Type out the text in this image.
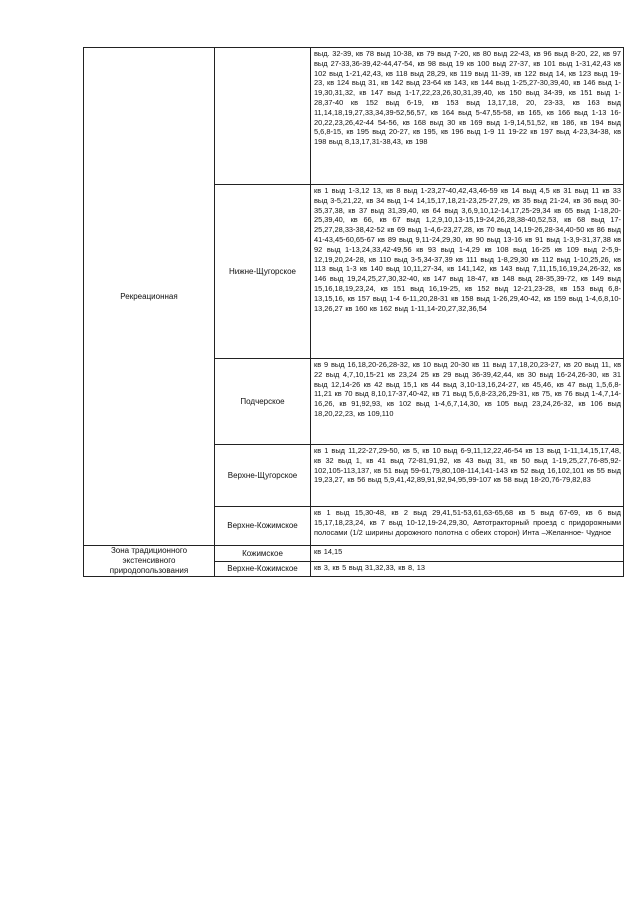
Рекреационная		выд. 32-39, кв 78 выд 10-38, кв 79 выд 7-20, кв 80 выд 22-43, кв 96 выд 8-20, 22, кв 97 выд 27-33,36-39,42-44,47-54, кв 98 выд 19 кв 100 выд 27-37, кв 101 выд 1-31,42,43 кв 102 выд 1-21,42,43, кв 118 выд 28,29, кв 119 выд 11-39, кв 122 выд 14, кв 123 выд 19-23, кв 124 выд 31, кв 142 выд 23-64 кв 143, кв 144 выд 1-25,27-30,39,40, кв 146 выд 1-19,30,31,32, кв 147 выд 1-17,22,23,26,30,31,39,40, кв 150 выд 34-39, кв 151 выд 1-28,37-40 кв 152 выд 6-19, кв 153 выд 13,17,18, 20, 23-33, кв 163 выд 11,14,18,19,27,33,34,39-52,56,57, кв 164 выд 5-47,55-58, кв 165, кв 166 выд 1-13 16-20,22,23,26,42-44 54-56, кв 168 выд 30 кв 169 выд 1-9,14,51,52, кв 186, кв 194 выд 5,6,8-15, кв 195 выд 20-27, кв 195, кв 196 выд 1-9 11 19-22 кв 197 выд 4-23,34-38, кв 198 выд 8,13,17,31-38,43, кв 198
	Нижне-Щугорское	кв 1 выд 1-3,12 13, кв 8 выд 1-23,27-40,42,43,46-59 кв 14 выд 4,5 кв 31 выд 11 кв 33 выд 3-5,21,22, кв 34 выд 1-4 14,15,17,18,21-23,25-27,29, кв 35 выд 21-24, кв 36 выд 30-35,37,38, кв 37 выд 31,39,40, кв 64 выд 3,6,9,10,12-14,17,25-29,34 кв 65 выд 1-18,20-25,39,40, кв 66, кв 67 выд 1,2,9,10,13-15,19-24,26,28,38-40,52,53, кв 68 выд 17-25,27,28,33-38,42-52 кв 69 выд 1-4,6-23,27,28, кв 70 выд 14,19-26,28-34,40-50 кв 86 выд 41-43,45-60,65-67 кв 89 выд 9,11-24,29,30, кв 90 выд 13-16 кв 91 выд 1-3,9-31,37,38 кв 92 выд 1-13,24,33,42-49,56 кв 93 выд 1-4,29 кв 108 выд 16-25 кв 109 выд 2-5,9-12,19,20,24-28, кв 110 выд 3-5,34-37,39 кв 111 выд 1-8,29,30 кв 112 выд 1-10,25,26, кв 113 выд 1-3 кв 140 выд 10,11,27-34, кв 141,142, кв 143 выд 7,11,15,16,19,24,26-32, кв 146 выд 19,24,25,27,30,32-40, кв 147 выд 18-47, кв 148 выд 28-35,39-72, кв 149 выд 15,16,18,19,23,24, кв 151 выд 16,19-25, кв 152 выд 12-21,23-28, кв 153 выд 6,8-13,15,16, кв 157 выд 1-4 6-11,20,28-31 кв 158 выд 1-26,29,40-42, кв 159 выд 1-4,6,8,10-13,26,27 кв 160 кв 162 выд 1-11,14-20,27,32,36,54
	Подчерское	кв 9 выд 16,18,20-26,28-32, кв 10 выд 20-30 кв 11 выд 17,18,20,23-27, кв 20 выд 11, кв 22 выд 4,7,10,15-21 кв 23,24 25 кв 29 выд 36-39,42,44, кв 30 выд 16-24,26-30, кв 31 выд 12,14-26 кв 42 выд 15,1 кв 44 выд 3,10-13,16,24-27, кв 45,46, кв 47 выд 1,5,6,8-11,21 кв 70 выд 8,10,17-37,40-42, кв 71 выд 5,6,8-23,26,29-31, кв 75, кв 76 выд 1-4,7,14-16,26, кв 91,92,93, кв 102 выд 1-4,6,7,14,30, кв 105 выд 23,24,26-32, кв 106 выд 18,20,22,23, кв 109,110
	Верхне-Щугорское	кв 1 выд 11,22-27,29-50, кв 5, кв 10 выд 6-9,11,12,22,46-54 кв 13 выд 1-11,14,15,17,48, кв 32 выд 1, кв 41 выд 72-81,91,92, кв 43 выд 31, кв 50 выд 1-19,25,27,76-85,92-102,105-113,137, кв 51 выд 59-61,79,80,108-114,141-143 кв 52 выд 16,102,101 кв 55 выд 19,23,27, кв 56 выд 5,9,41,42,89,91,92,94,95,99-107 кв 58 выд 18-20,76-79,82,83
	Верхне-Кожимское	кв 1 выд 15,30-48, кв 2 выд 29,41,51-53,61,63-65,68 кв 5 выд 67-69, кв 6 выд 15,17,18,23,24, кв 7 выд 10-12,19-24,29,30, Автотракторный проезд с придорожными полосами (1/2 ширины дорожного полотна с обеих сторон) Инта –Желанное- Чудное
Зона традиционного экстенсивного природопользования	Кожимское	кв 14,15
	Верхне-Кожимское	кв 3, кв 5 выд 31,32,33, кв 8, 13
